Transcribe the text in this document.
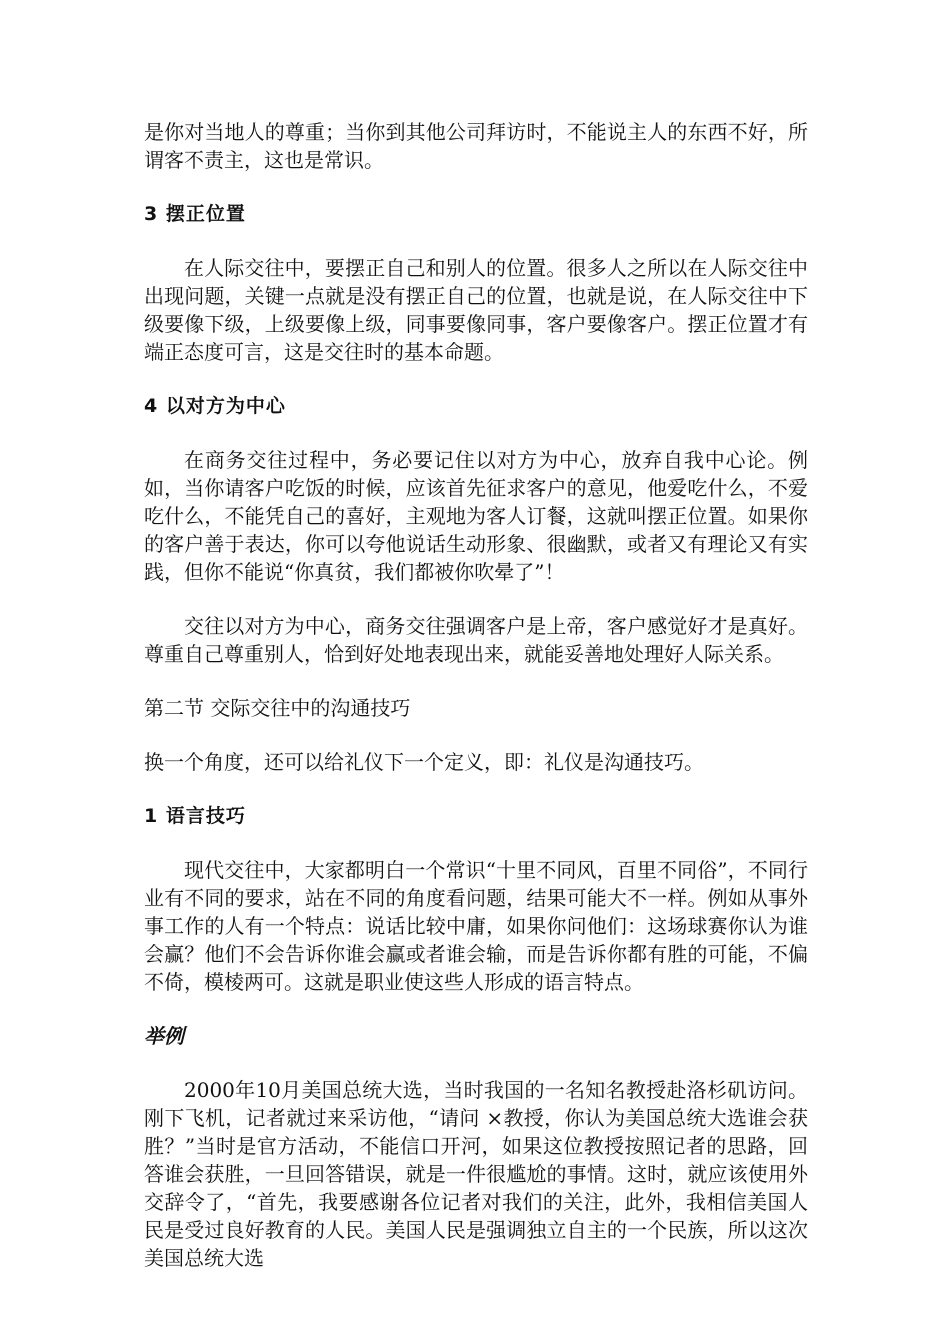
是你对当地人的尊重；当你到其他公司拜访时，不能说主人的东西不好，所谓客不责主，这也是常识。

3 摆正位置

在人际交往中，要摆正自己和别人的位置。很多人之所以在人际交往中出现问题，关键一点就是没有摆正自己的位置，也就是说，在人际交往中下级要像下级，上级要像上级，同事要像同事，客户要像客户。摆正位置才有端正态度可言，这是交往时的基本命题。

4 以对方为中心

在商务交往过程中，务必要记住以对方为中心，放弃自我中心论。例如，当你请客户吃饭的时候，应该首先征求客户的意见，他爱吃什么，不爱吃什么，不能凭自己的喜好，主观地为客人订餐，这就叫摆正位置。如果你的客户善于表达，你可以夸他说话生动形象、很幽默，或者又有理论又有实践，但你不能说“你真贫，我们都被你吹晕了”！

交往以对方为中心，商务交往强调客户是上帝，客户感觉好才是真好。尊重自己尊重别人，恰到好处地表现出来，就能妥善地处理好人际关系。

第二节 交际交往中的沟通技巧

换一个角度，还可以给礼仪下一个定义，即：礼仪是沟通技巧。

1 语言技巧

现代交往中，大家都明白一个常识“十里不同风，百里不同俗”，不同行业有不同的要求，站在不同的角度看问题，结果可能大不一样。例如从事外事工作的人有一个特点：说话比较中庸，如果你问他们：这场球赛你认为谁会赢？他们不会告诉你谁会赢或者谁会输，而是告诉你都有胜的可能，不偏不倚，模棱两可。这就是职业使这些人形成的语言特点。

举例

2000年10月美国总统大选，当时我国的一名知名教授赴洛杉矶访问。刚下飞机，记者就过来采访他，“请问 ×教授，你认为美国总统大选谁会获胜？”当时是官方活动，不能信口开河，如果这位教授按照记者的思路，回答谁会获胜，一旦回答错误，就是一件很尴尬的事情。这时，就应该使用外交辞令了，“首先，我要感谢各位记者对我们的关注，此外，我相信美国人民是受过良好教育的人民。美国人民是强调独立自主的一个民族，所以这次美国总统大选
